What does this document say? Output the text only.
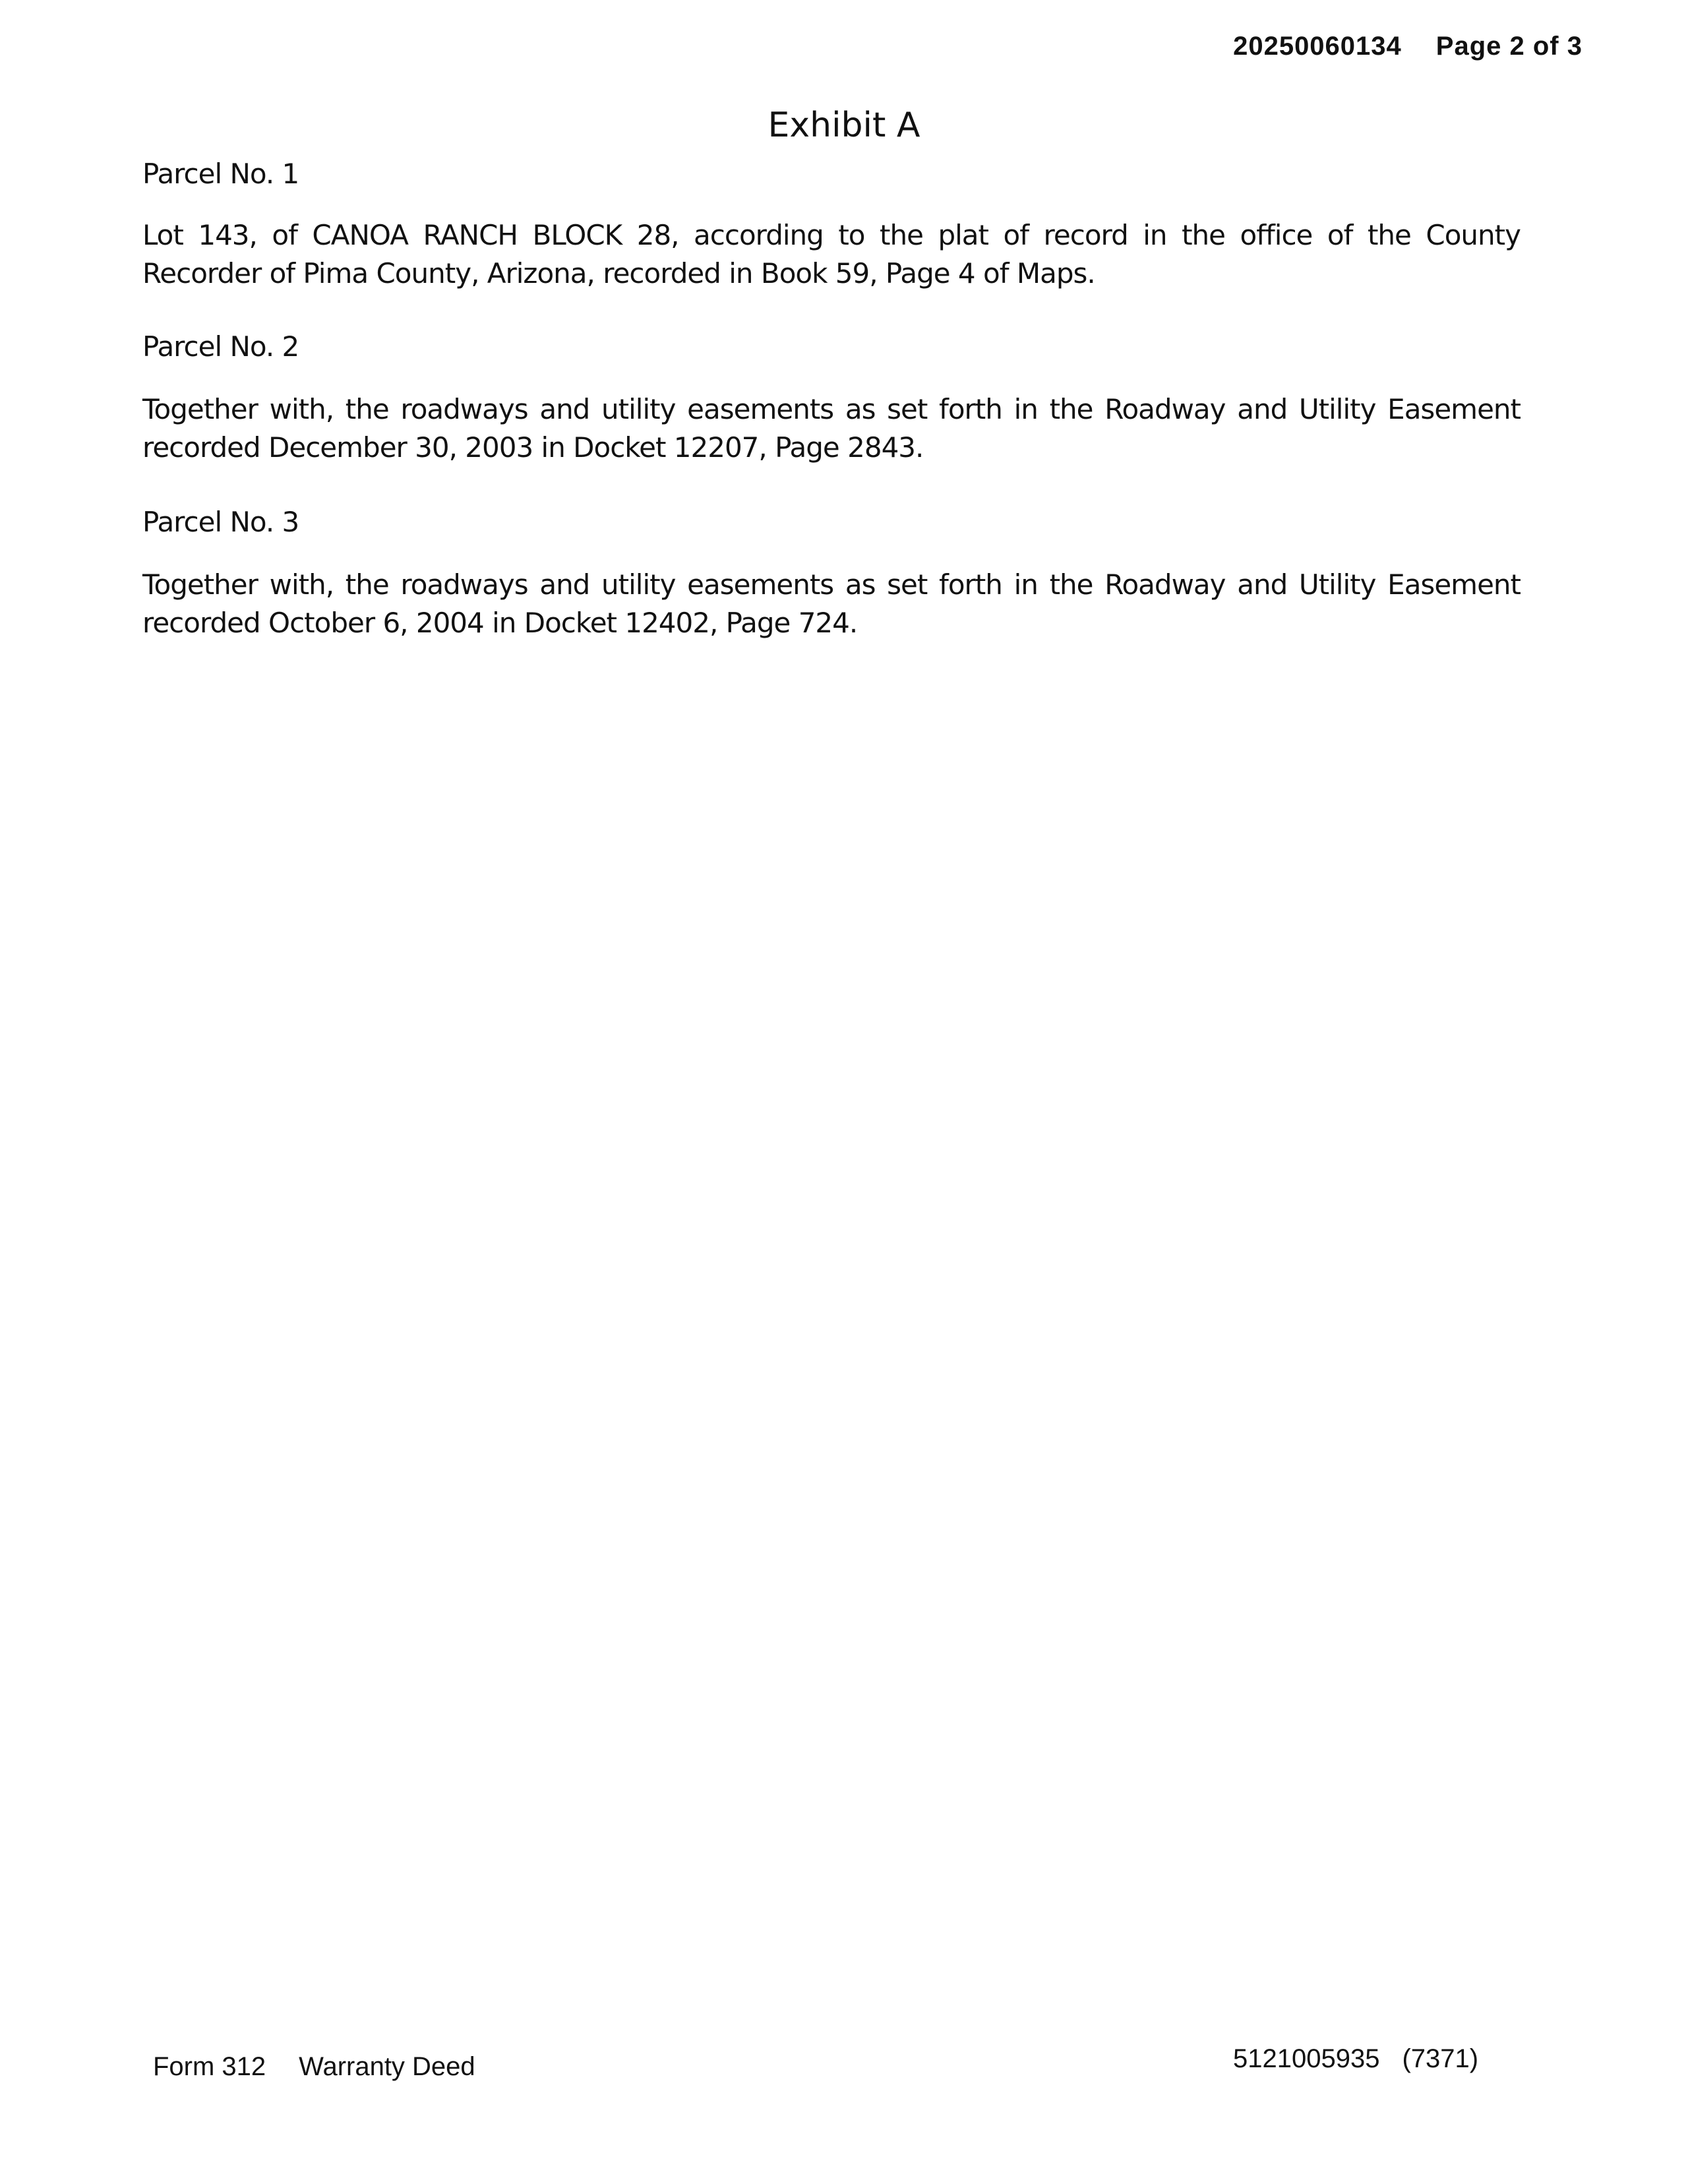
20250060134 Page 2 of 3
Exhibit A
Parcel No. 1
Lot 143, of CANOA RANCH BLOCK 28, according to the plat of record in the office of the County Recorder of Pima County, Arizona, recorded in Book 59, Page 4 of Maps.
Parcel No. 2
Together with, the roadways and utility easements as set forth in the Roadway and Utility Easement recorded December 30, 2003 in Docket 12207, Page 2843.
Parcel No. 3
Together with, the roadways and utility easements as set forth in the Roadway and Utility Easement recorded October 6, 2004 in Docket 12402, Page 724.
Form 312 Warranty Deed	5121005935 (7371)
